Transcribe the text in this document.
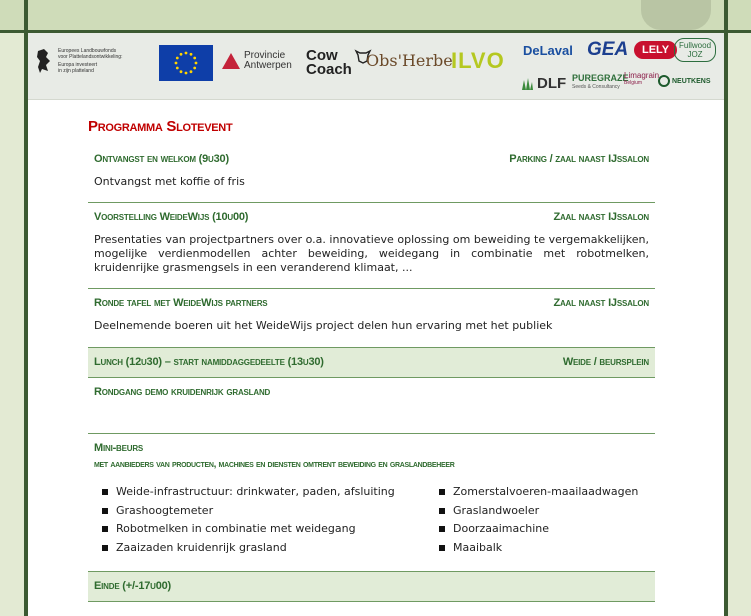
Europees Landbouwfonds
voor Plattelandsontwikkeling:
Europa investeert
in zijn platteland
Provincie
Antwerpen
Cow
Coach Obs'Herbe
ILVO DeLaval GEA	LELY	Fullwood
JOZ
DLF PUREGRAZE
Seeds & Consultancy
Limagrain
Belgium	NEUTKENS
Programma Slotevent
Ontvangst en welkom (9u30)	Parking / zaal naast IJssalon
Ontvangst met koffie of fris
Voorstelling WeideWijs (10u00)	Zaal naast IJssalon
Presentaties van projectpartners over o.a. innovatieve oplossing om beweiding te vergemakkelijken, mogelijke verdienmodellen achter beweiding, weidegang in combinatie met robotmelken, kruidenrijke grasmengsels in een veranderend klimaat, ...
Ronde tafel met WeideWijs partners	Zaal naast IJssalon
Deelnemende boeren uit het WeideWijs project delen hun ervaring met het publiek
Lunch (12u30) – start namiddaggedeelte (13u30)	Weide / beursplein
Rondgang demo kruidenrijk grasland
Mini-beurs
met aanbieders van producten, machines en diensten omtrent beweiding en graslandbeheer
Weide-infrastructuur: drinkwater, paden, afsluiting
Grashoogtemeter
Robotmelken in combinatie met weidegang
Zaaizaden kruidenrijk grasland
Zomerstalvoeren-maailaadwagen
Graslandwoeler
Doorzaaimachine
Maaibalk
Einde (+/-17u00)
